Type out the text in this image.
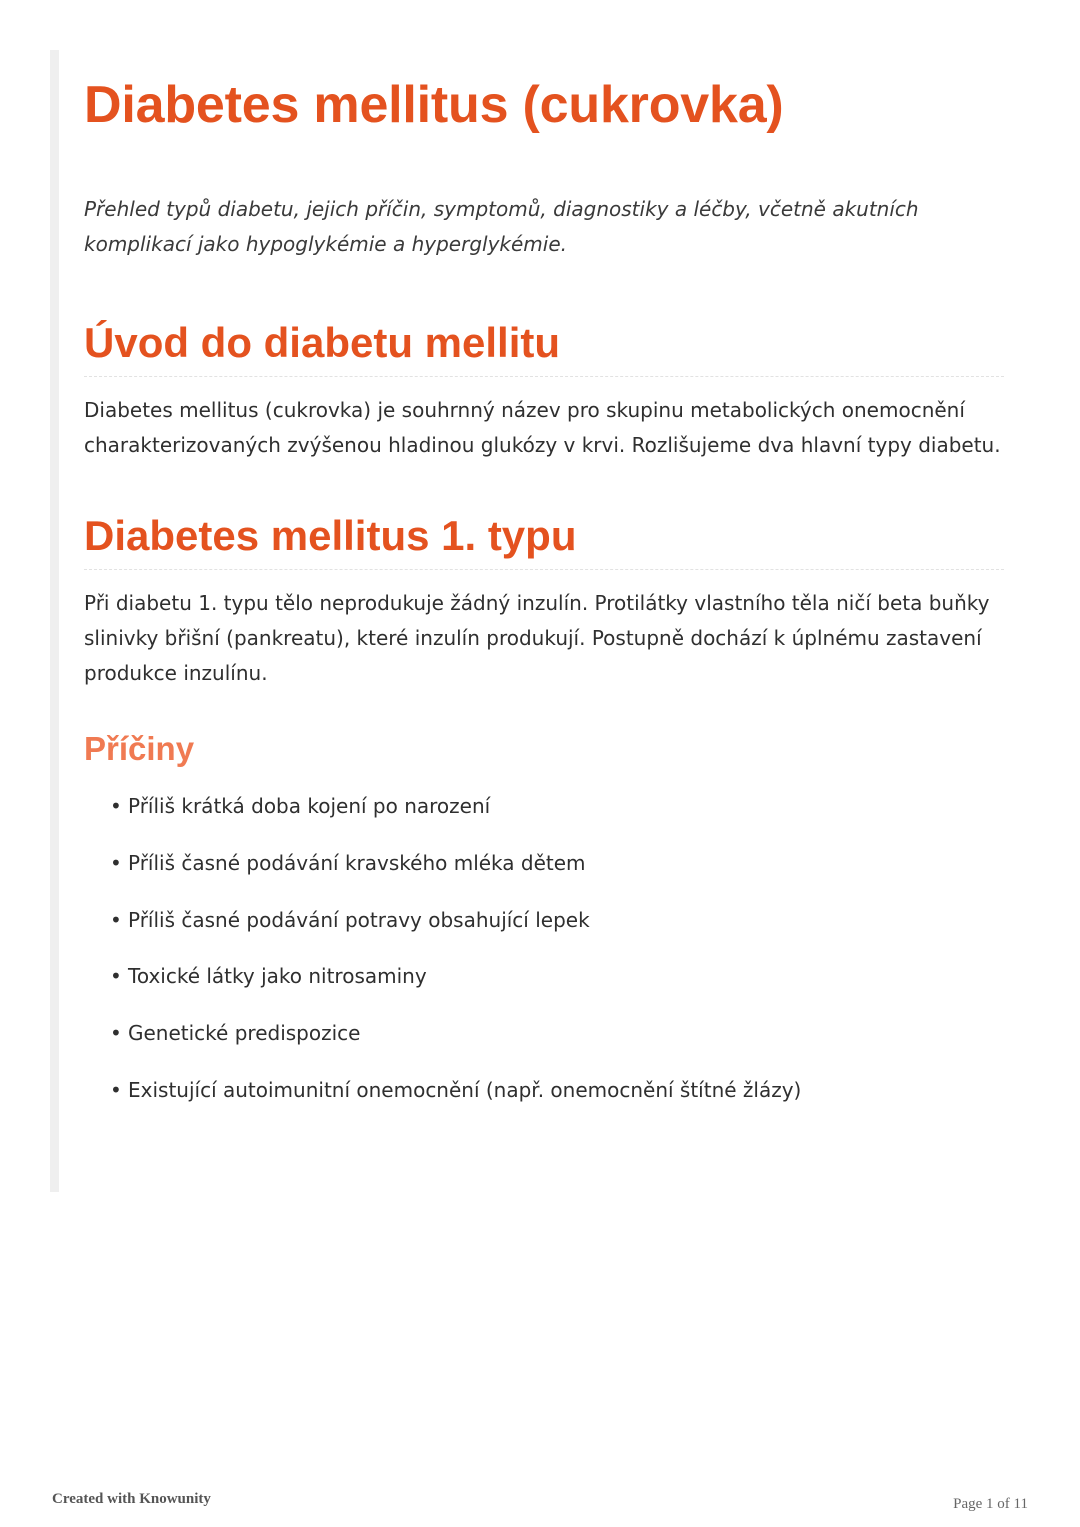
Diabetes mellitus (cukrovka)

Přehled typů diabetu, jejich příčin, symptomů, diagnostiky a léčby, včetně akutních komplikací jako hypoglykémie a hyperglykémie.

Úvod do diabetu mellitu

Diabetes mellitus (cukrovka) je souhrnný název pro skupinu metabolických onemocnění charakterizovaných zvýšenou hladinou glukózy v krvi. Rozlišujeme dva hlavní typy diabetu.

Diabetes mellitus 1. typu

Při diabetu 1. typu tělo neprodukuje žádný inzulín. Protilátky vlastního těla ničí beta buňky slinivky břišní (pankreatu), které inzulín produkují. Postupně dochází k úplnému zastavení produkce inzulínu.

Příčiny
• Příliš krátká doba kojení po narození
• Příliš časné podávání kravského mléka dětem
• Příliš časné podávání potravy obsahující lepek
• Toxické látky jako nitrosaminy
• Genetické predispozice
• Existující autoimunitní onemocnění (např. onemocnění štítné žlázy)
Created with Knowunity	Page 1 of 11
